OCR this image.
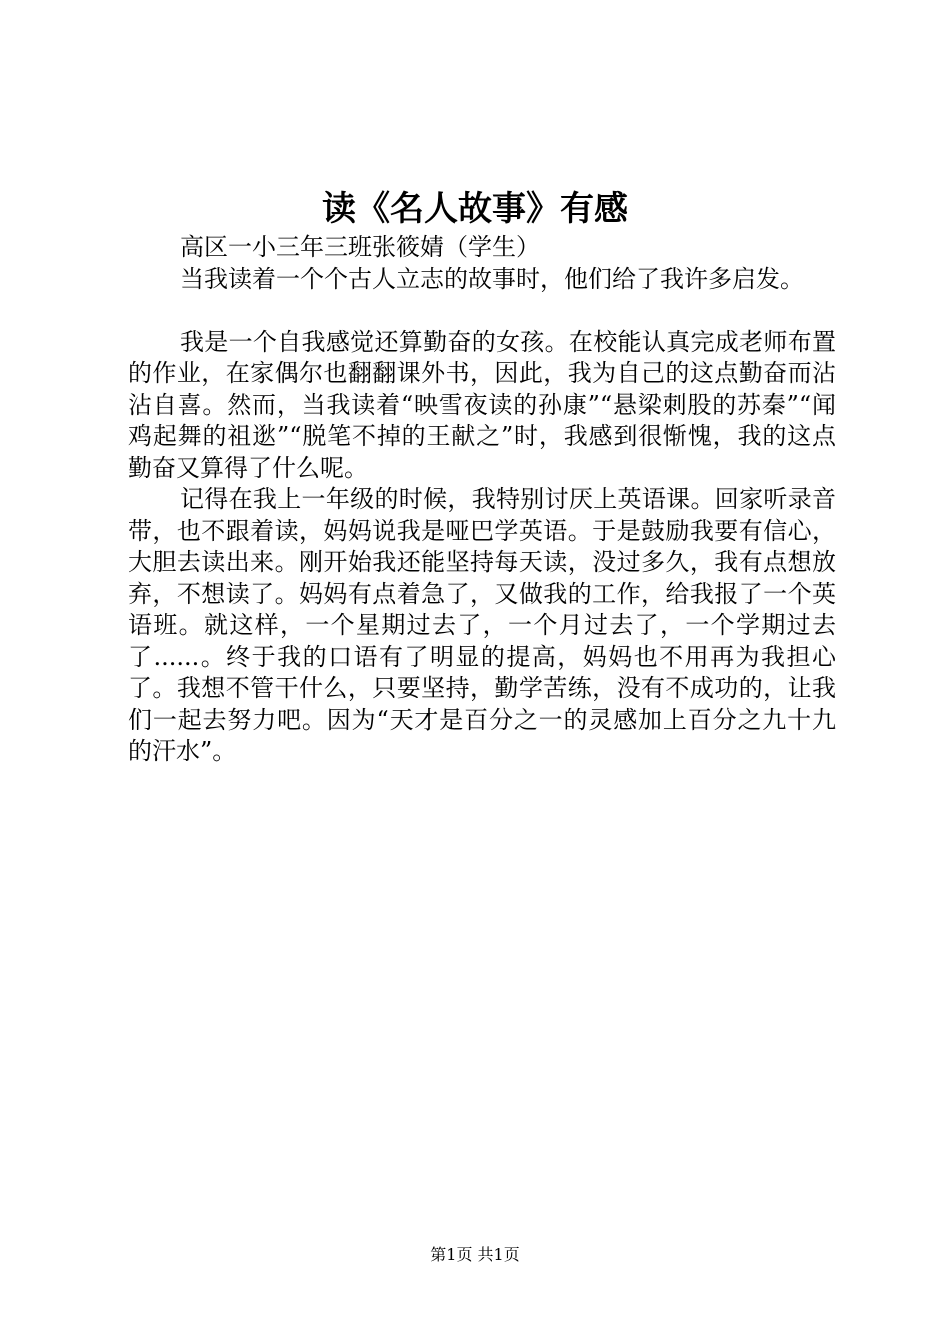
读《名人故事》有感

高区一小三年三班张筱婧（学生）

当我读着一个个古人立志的故事时，他们给了我许多启发。

我是一个自我感觉还算勤奋的女孩。在校能认真完成老师布置的作业，在家偶尔也翻翻课外书，因此，我为自己的这点勤奋而沾沾自喜。然而，当我读着“映雪夜读的孙康”“悬梁刺股的苏秦”“闻鸡起舞的祖逖”“脱笔不掉的王献之”时，我感到很惭愧，我的这点勤奋又算得了什么呢。

记得在我上一年级的时候，我特别讨厌上英语课。回家听录音带，也不跟着读，妈妈说我是哑巴学英语。于是鼓励我要有信心，大胆去读出来。刚开始我还能坚持每天读，没过多久，我有点想放弃，不想读了。妈妈有点着急了，又做我的工作，给我报了一个英语班。就这样，一个星期过去了，一个月过去了，一个学期过去了......。终于我的口语有了明显的提高，妈妈也不用再为我担心了。我想不管干什么，只要坚持，勤学苦练，没有不成功的，让我们一起去努力吧。因为“天才是百分之一的灵感加上百分之九十九的汗水”。

第1页 共1页
